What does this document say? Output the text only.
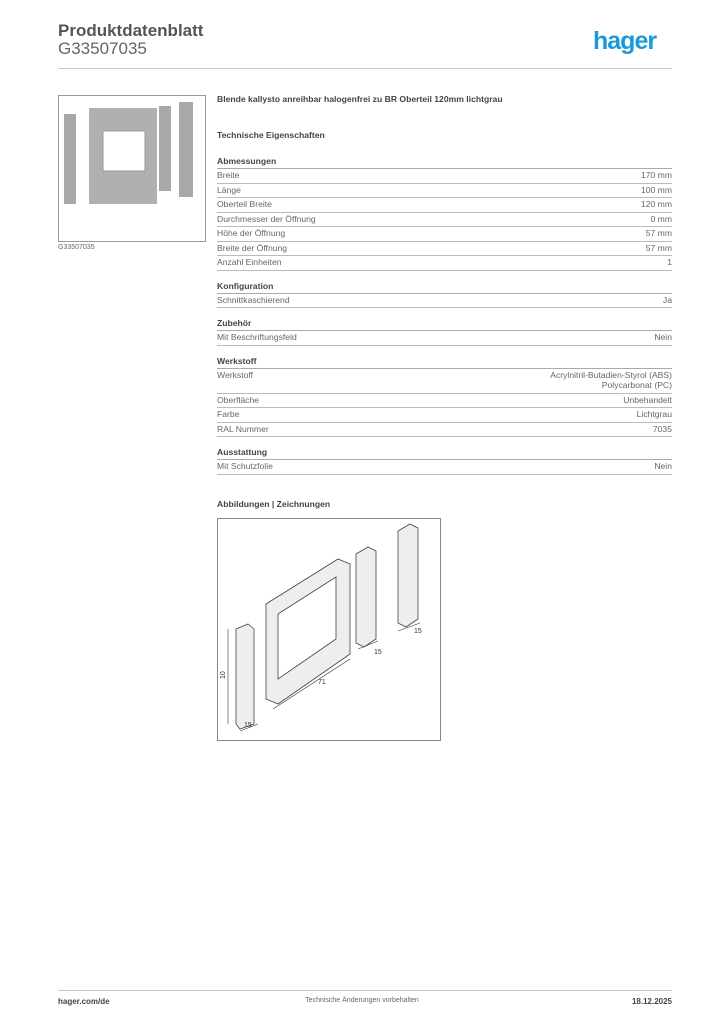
Produktdatenblatt
G33507035	hager
G33507035
Blende kallysto anreihbar halogenfrei zu BR Oberteil 120mm lichtgrau
Technische Eigenschaften
Abmessungen
Breite	170 mm
Länge	100 mm
Oberteil Breite	120 mm
Durchmesser der Öffnung	0 mm
Höhe der Öffnung	57 mm
Breite der Öffnung	57 mm
Anzahl Einheiten	1
Konfiguration
Schnittkaschierend	Ja
Zubehör
Mit Beschriftungsfeld	Nein
Werkstoff
Werkstoff	Acrylnitril-Butadien-Styrol (ABS)
Polycarbonat (PC)
Oberfläche	Unbehandelt
Farbe	Lichtgrau
RAL Nummer	7035
Ausstattung
Mit Schutzfolie	Nein
Abbildungen | Zeichnungen
10
15
71
15
15
hager.com/de	Technische Änderungen vorbehalten	18.12.2025
